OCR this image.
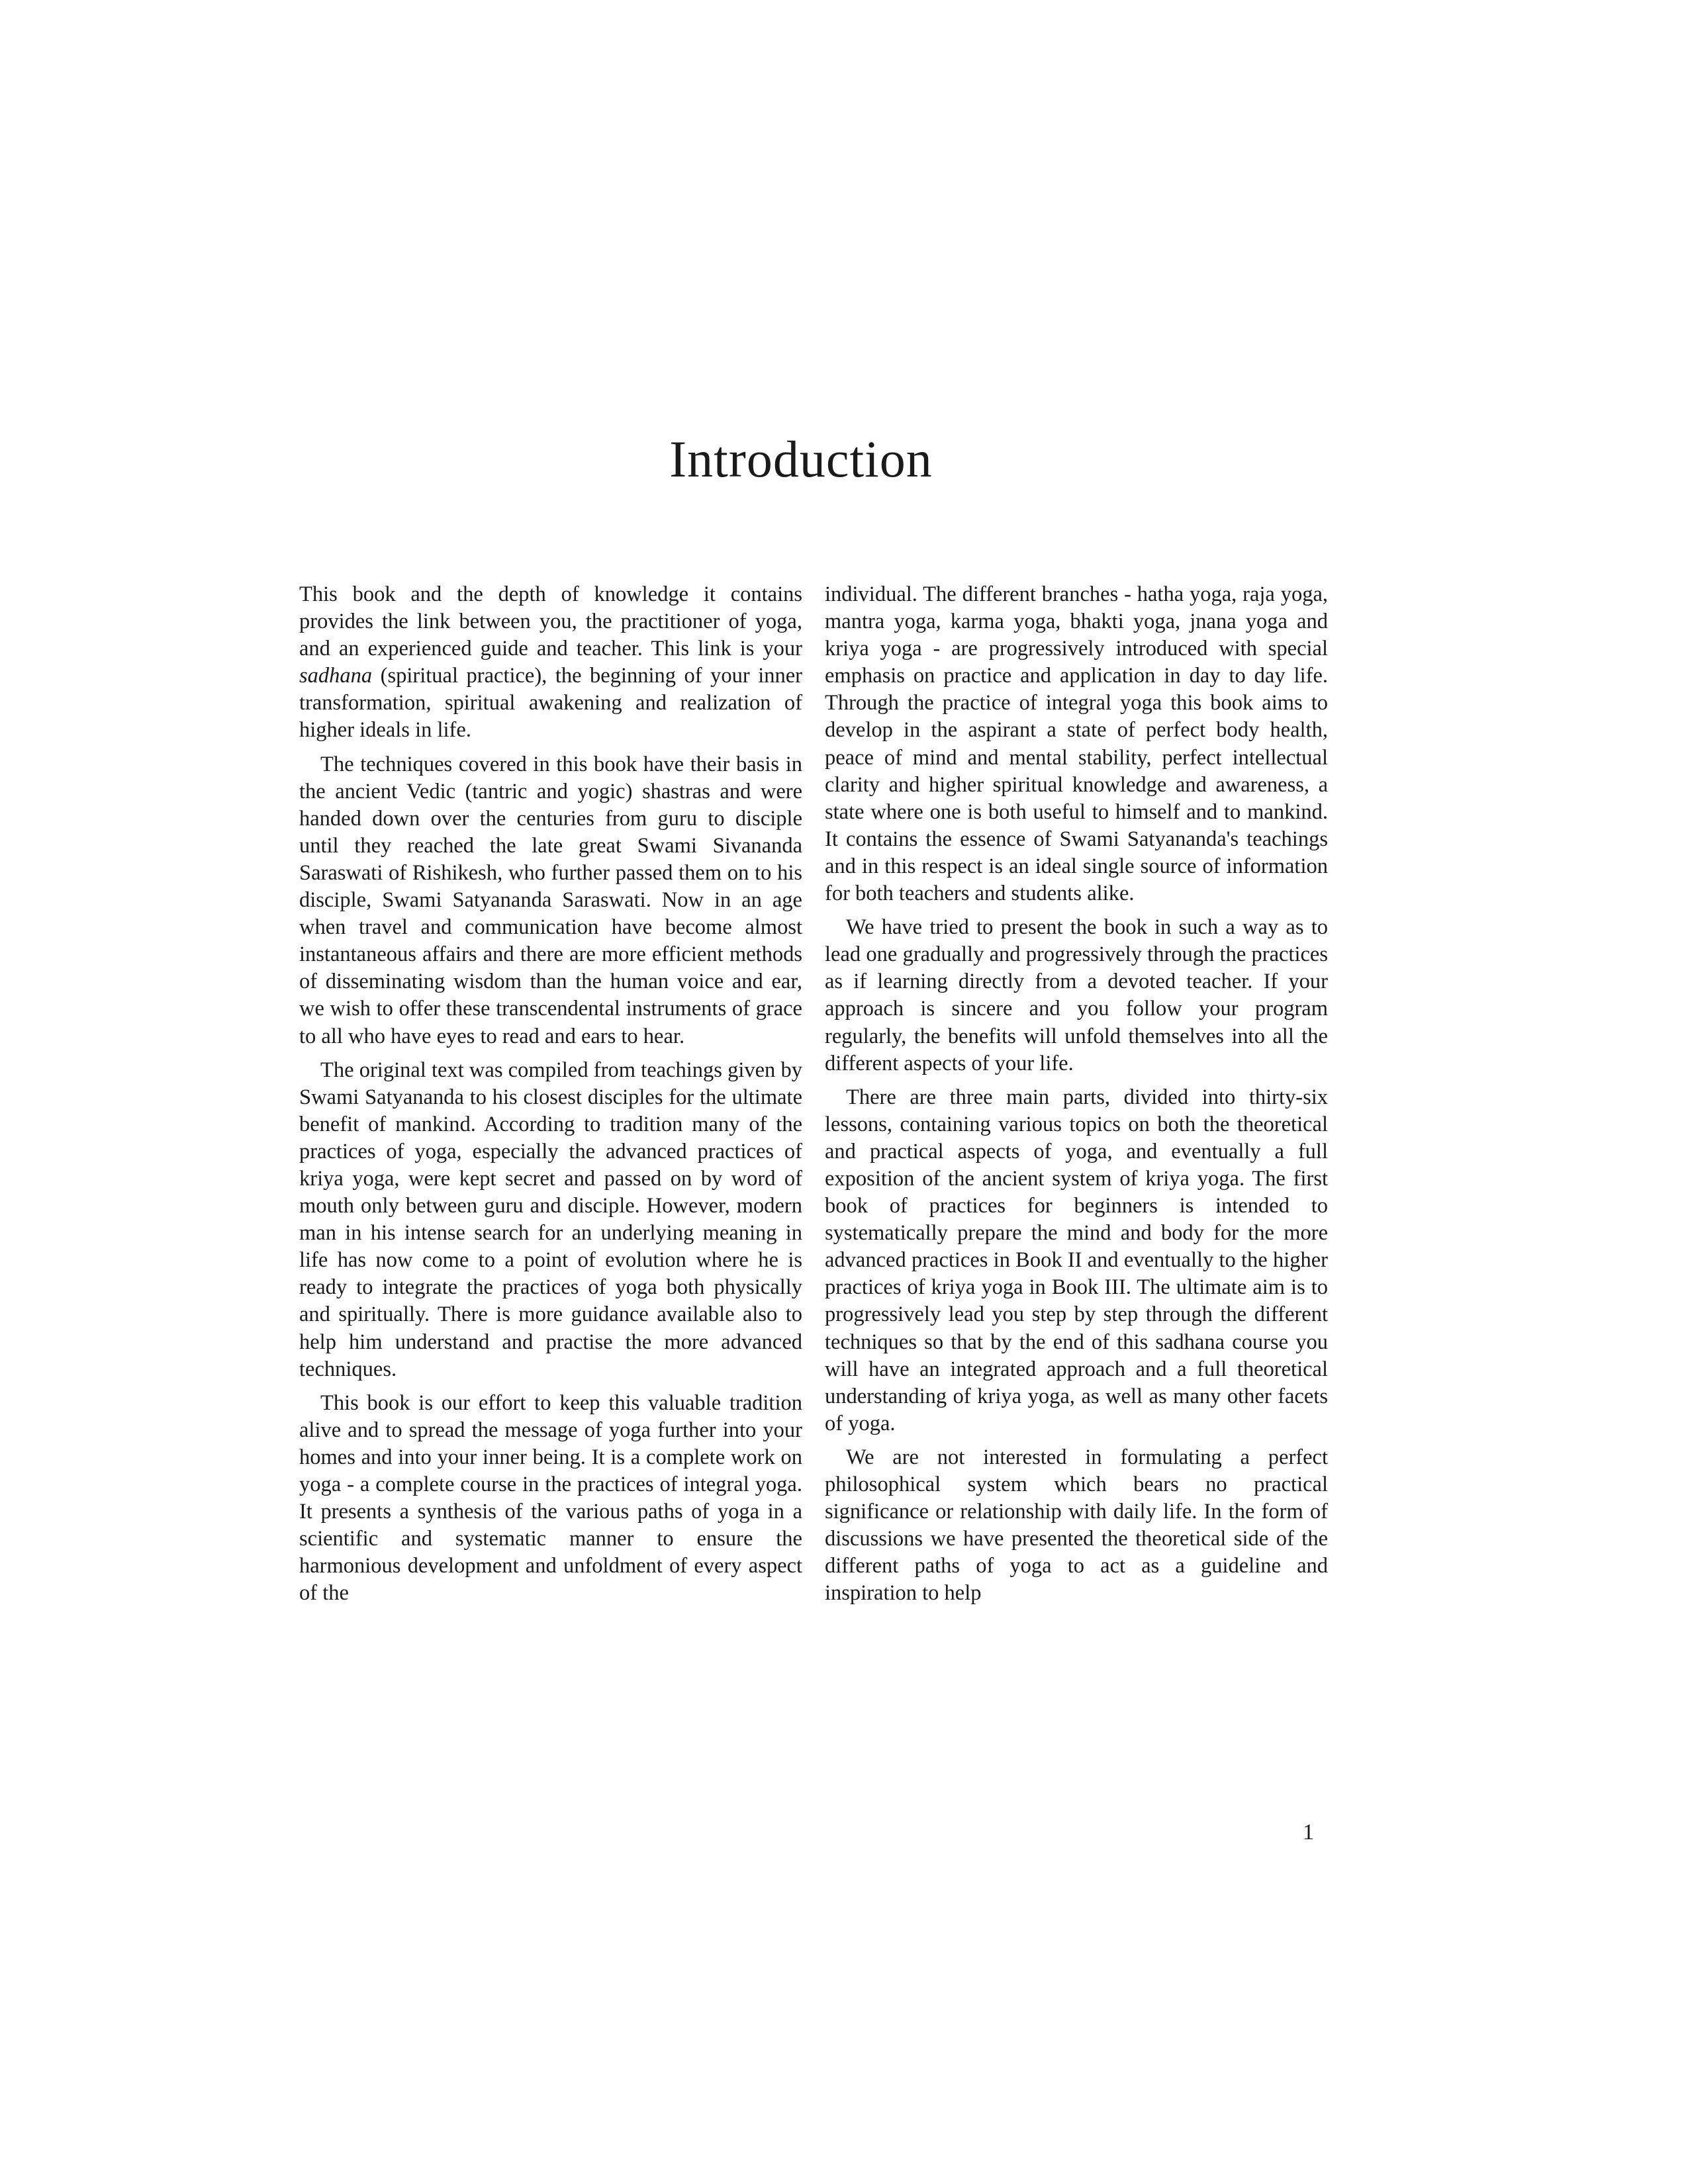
Introduction

This book and the depth of knowledge it contains provides the link between you, the practitioner of yoga, and an experienced guide and teacher. This link is your sadhana (spiritual practice), the beginning of your inner transformation, spiritual awakening and realization of higher ideals in life.

The techniques covered in this book have their basis in the ancient Vedic (tantric and yogic) shastras and were handed down over the centuries from guru to disciple until they reached the late great Swami Sivananda Saraswati of Rishikesh, who further passed them on to his disciple, Swami Satyananda Saraswati. Now in an age when travel and communication have become almost instantaneous affairs and there are more efficient methods of disseminating wisdom than the human voice and ear, we wish to offer these transcendental instruments of grace to all who have eyes to read and ears to hear.

The original text was compiled from teachings given by Swami Satyananda to his closest disciples for the ultimate benefit of mankind. According to tradition many of the practices of yoga, especially the advanced practices of kriya yoga, were kept secret and passed on by word of mouth only between guru and disciple. However, modern man in his intense search for an underlying meaning in life has now come to a point of evolution where he is ready to integrate the practices of yoga both physically and spiritually. There is more guidance available also to help him understand and practise the more advanced techniques.

This book is our effort to keep this valuable tradition alive and to spread the message of yoga further into your homes and into your inner being. It is a complete work on yoga - a complete course in the practices of integral yoga. It presents a synthesis of the various paths of yoga in a scientific and systematic manner to ensure the harmonious development and unfoldment of every aspect of the

individual. The different branches - hatha yoga, raja yoga, mantra yoga, karma yoga, bhakti yoga, jnana yoga and kriya yoga - are progressively introduced with special emphasis on practice and application in day to day life. Through the practice of integral yoga this book aims to develop in the aspirant a state of perfect body health, peace of mind and mental stability, perfect intellectual clarity and higher spiritual knowledge and awareness, a state where one is both useful to himself and to mankind. It contains the essence of Swami Satyananda's teachings and in this respect is an ideal single source of information for both teachers and students alike.

We have tried to present the book in such a way as to lead one gradually and progressively through the practices as if learning directly from a devoted teacher. If your approach is sincere and you follow your program regularly, the benefits will unfold themselves into all the different aspects of your life.

There are three main parts, divided into thirty-six lessons, containing various topics on both the theoretical and practical aspects of yoga, and eventually a full exposition of the ancient system of kriya yoga. The first book of practices for beginners is intended to systematically prepare the mind and body for the more advanced practices in Book II and eventually to the higher practices of kriya yoga in Book III. The ultimate aim is to progressively lead you step by step through the different techniques so that by the end of this sadhana course you will have an integrated approach and a full theoretical understanding of kriya yoga, as well as many other facets of yoga.

We are not interested in formulating a perfect philosophical system which bears no practical significance or relationship with daily life. In the form of discussions we have presented the theoretical side of the different paths of yoga to act as a guideline and inspiration to help

1
